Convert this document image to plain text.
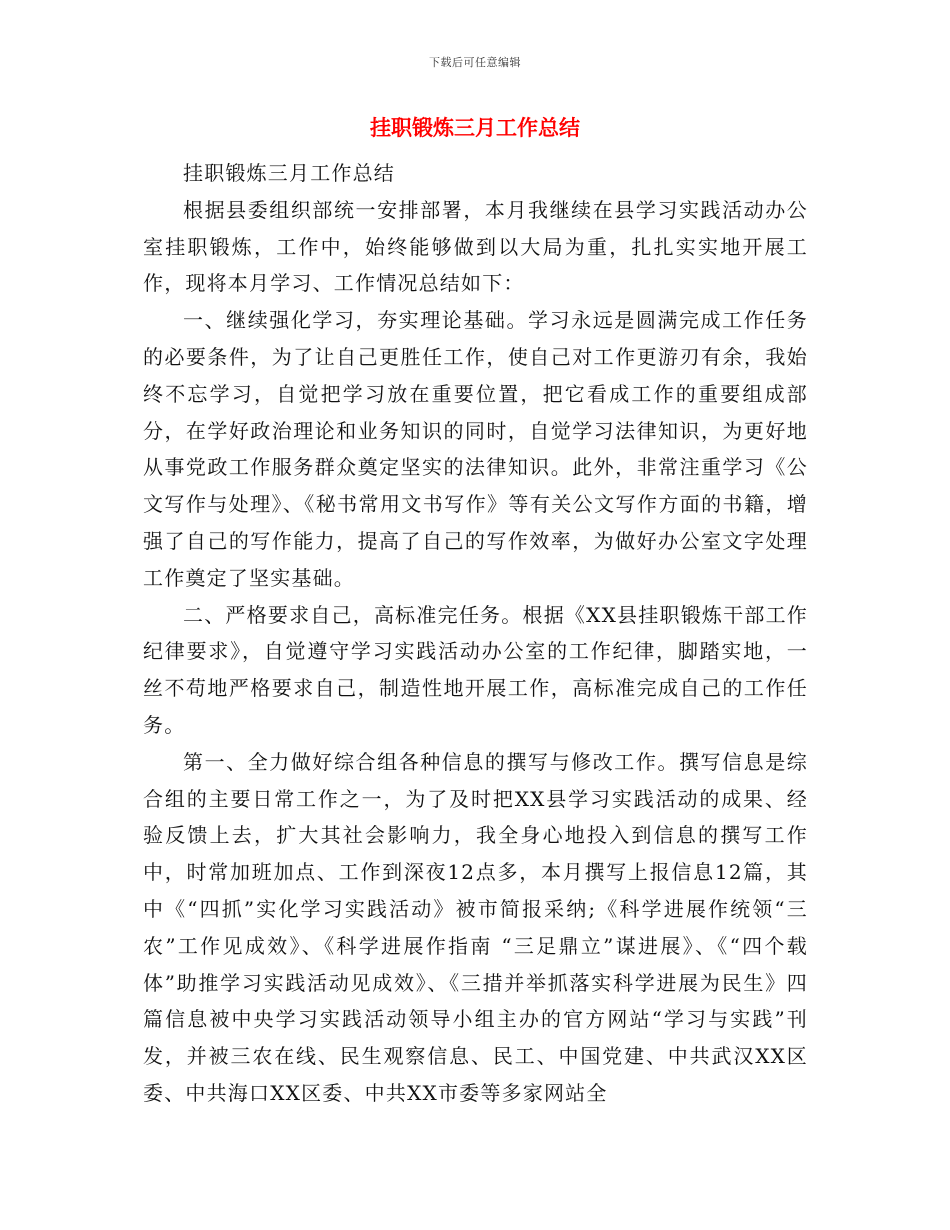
下载后可任意编辑
挂职锻炼三月工作总结

挂职锻炼三月工作总结

根据县委组织部统一安排部署，本月我继续在县学习实践活动办公室挂职锻炼，工作中，始终能够做到以大局为重，扎扎实实地开展工作，现将本月学习、工作情况总结如下：

一、继续强化学习，夯实理论基础。学习永远是圆满完成工作任务的必要条件，为了让自己更胜任工作，使自己对工作更游刃有余，我始终不忘学习，自觉把学习放在重要位置，把它看成工作的重要组成部分，在学好政治理论和业务知识的同时，自觉学习法律知识，为更好地从事党政工作服务群众奠定坚实的法律知识。此外，非常注重学习《公文写作与处理》、《秘书常用文书写作》等有关公文写作方面的书籍，增强了自己的写作能力，提高了自己的写作效率，为做好办公室文字处理工作奠定了坚实基础。

二、严格要求自己，高标准完任务。根据《XX县挂职锻炼干部工作纪律要求》，自觉遵守学习实践活动办公室的工作纪律，脚踏实地，一丝不苟地严格要求自己，制造性地开展工作，高标准完成自己的工作任务。

第一、全力做好综合组各种信息的撰写与修改工作。撰写信息是综合组的主要日常工作之一，为了及时把XX县学习实践活动的成果、经验反馈上去，扩大其社会影响力，我全身心地投入到信息的撰写工作中，时常加班加点、工作到深夜12点多，本月撰写上报信息12篇，其中《“四抓”实化学习实践活动》被市简报采纳;《科学进展作统领“三农”工作见成效》、《科学进展作指南 “三足鼎立”谋进展》、《“四个载体”助推学习实践活动见成效》、《三措并举抓落实科学进展为民生》四篇信息被中央学习实践活动领导小组主办的官方网站“学习与实践”刊发，并被三农在线、民生观察信息、民工、中国党建、中共武汉XX区委、中共海口XX区委、中共XX市委等多家网站全
